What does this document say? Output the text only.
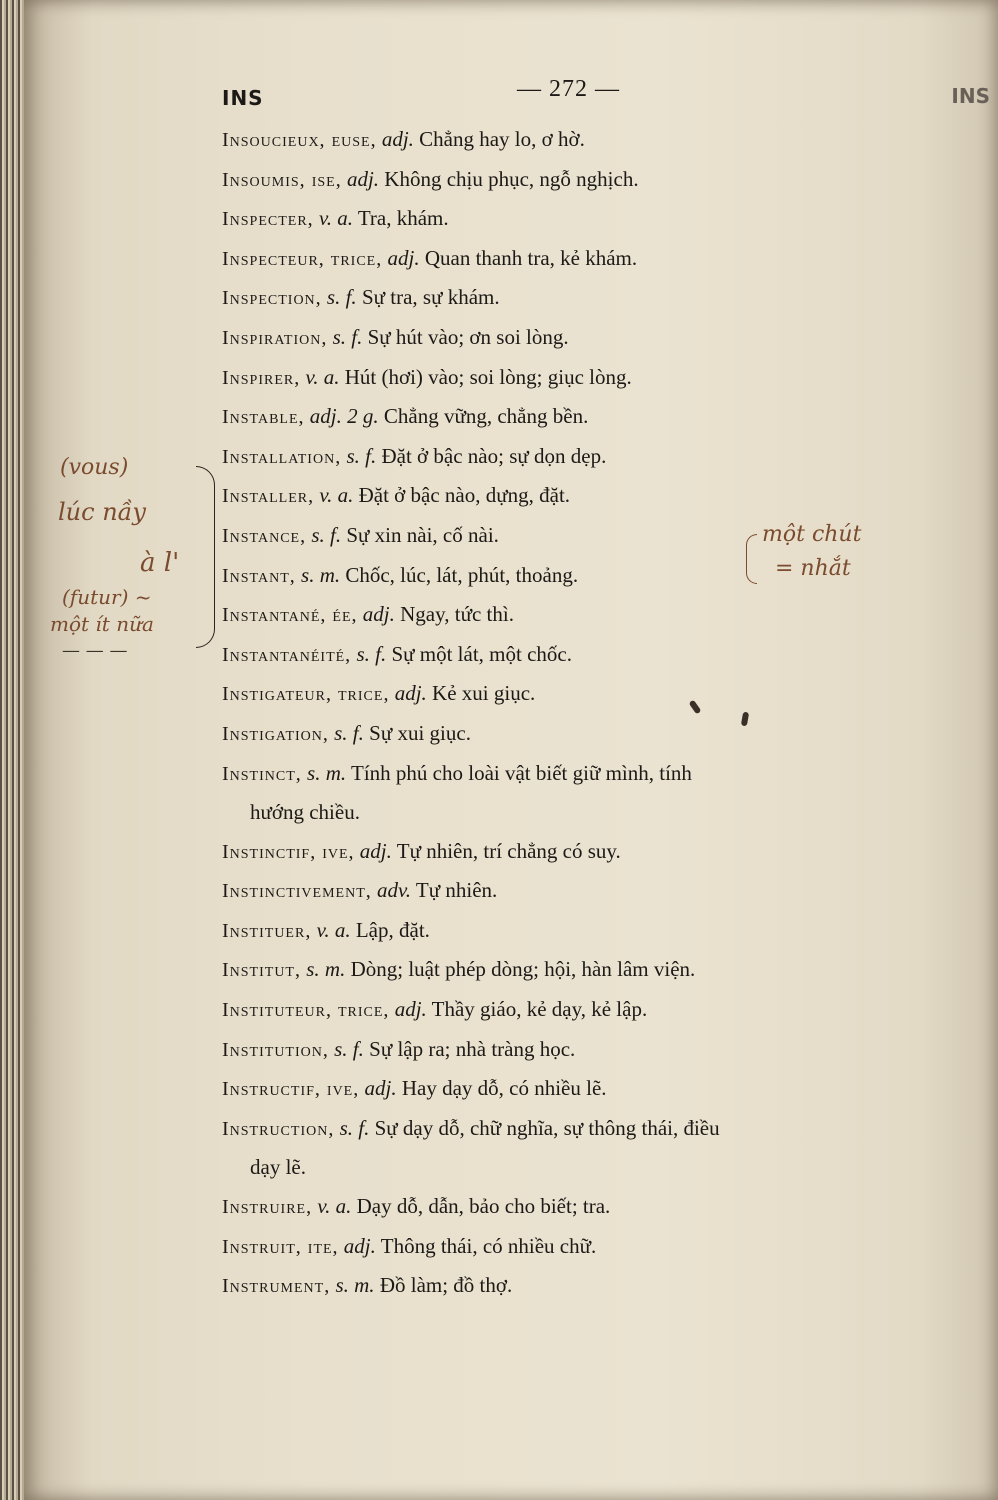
INS	— 272 —	INS
Insoucieux, euse, adj. Chẳng hay lo, ơ hờ.
Insoumis, ise, adj. Không chịu phục, ngỗ nghịch.
Inspecter, v. a. Tra, khám.
Inspecteur, trice, adj. Quan thanh tra, kẻ khám.
Inspection, s. f. Sự tra, sự khám.
Inspiration, s. f. Sự hút vào; ơn soi lòng.
Inspirer, v. a. Hút (hơi) vào; soi lòng; giục lòng.
Instable, adj. 2 g. Chẳng vững, chẳng bền.
Installation, s. f. Đặt ở bậc nào; sự dọn dẹp.
Installer, v. a. Đặt ở bậc nào, dựng, đặt.
Instance, s. f. Sự xin nài, cố nài.
Instant, s. m. Chốc, lúc, lát, phút, thoảng.
Instantané, ée, adj. Ngay, tức thì.
Instantanéité, s. f. Sự một lát, một chốc.
Instigateur, trice, adj. Kẻ xui giục.
Instigation, s. f. Sự xui giục.
Instinct, s. m. Tính phú cho loài vật biết giữ mình, tính
hướng chiều.
Instinctif, ive, adj. Tự nhiên, trí chẳng có suy.
Instinctivement, adv. Tự nhiên.
Instituer, v. a. Lập, đặt.
Institut, s. m. Dòng; luật phép dòng; hội, hàn lâm viện.
Instituteur, trice, adj. Thầy giáo, kẻ dạy, kẻ lập.
Institution, s. f. Sự lập ra; nhà tràng học.
Instructif, ive, adj. Hay dạy dỗ, có nhiều lẽ.
Instruction, s. f. Sự dạy dỗ, chữ nghĩa, sự thông thái, điều
dạy lẽ.
Instruire, v. a. Dạy dỗ, dẫn, bảo cho biết; tra.
Instruit, ite, adj. Thông thái, có nhiều chữ.
Instrument, s. m. Đồ làm; đồ thợ.
(vous)
lúc nầy
à l'
(futur) ~
một ít nữa
— — —
một chút
= nhắt
